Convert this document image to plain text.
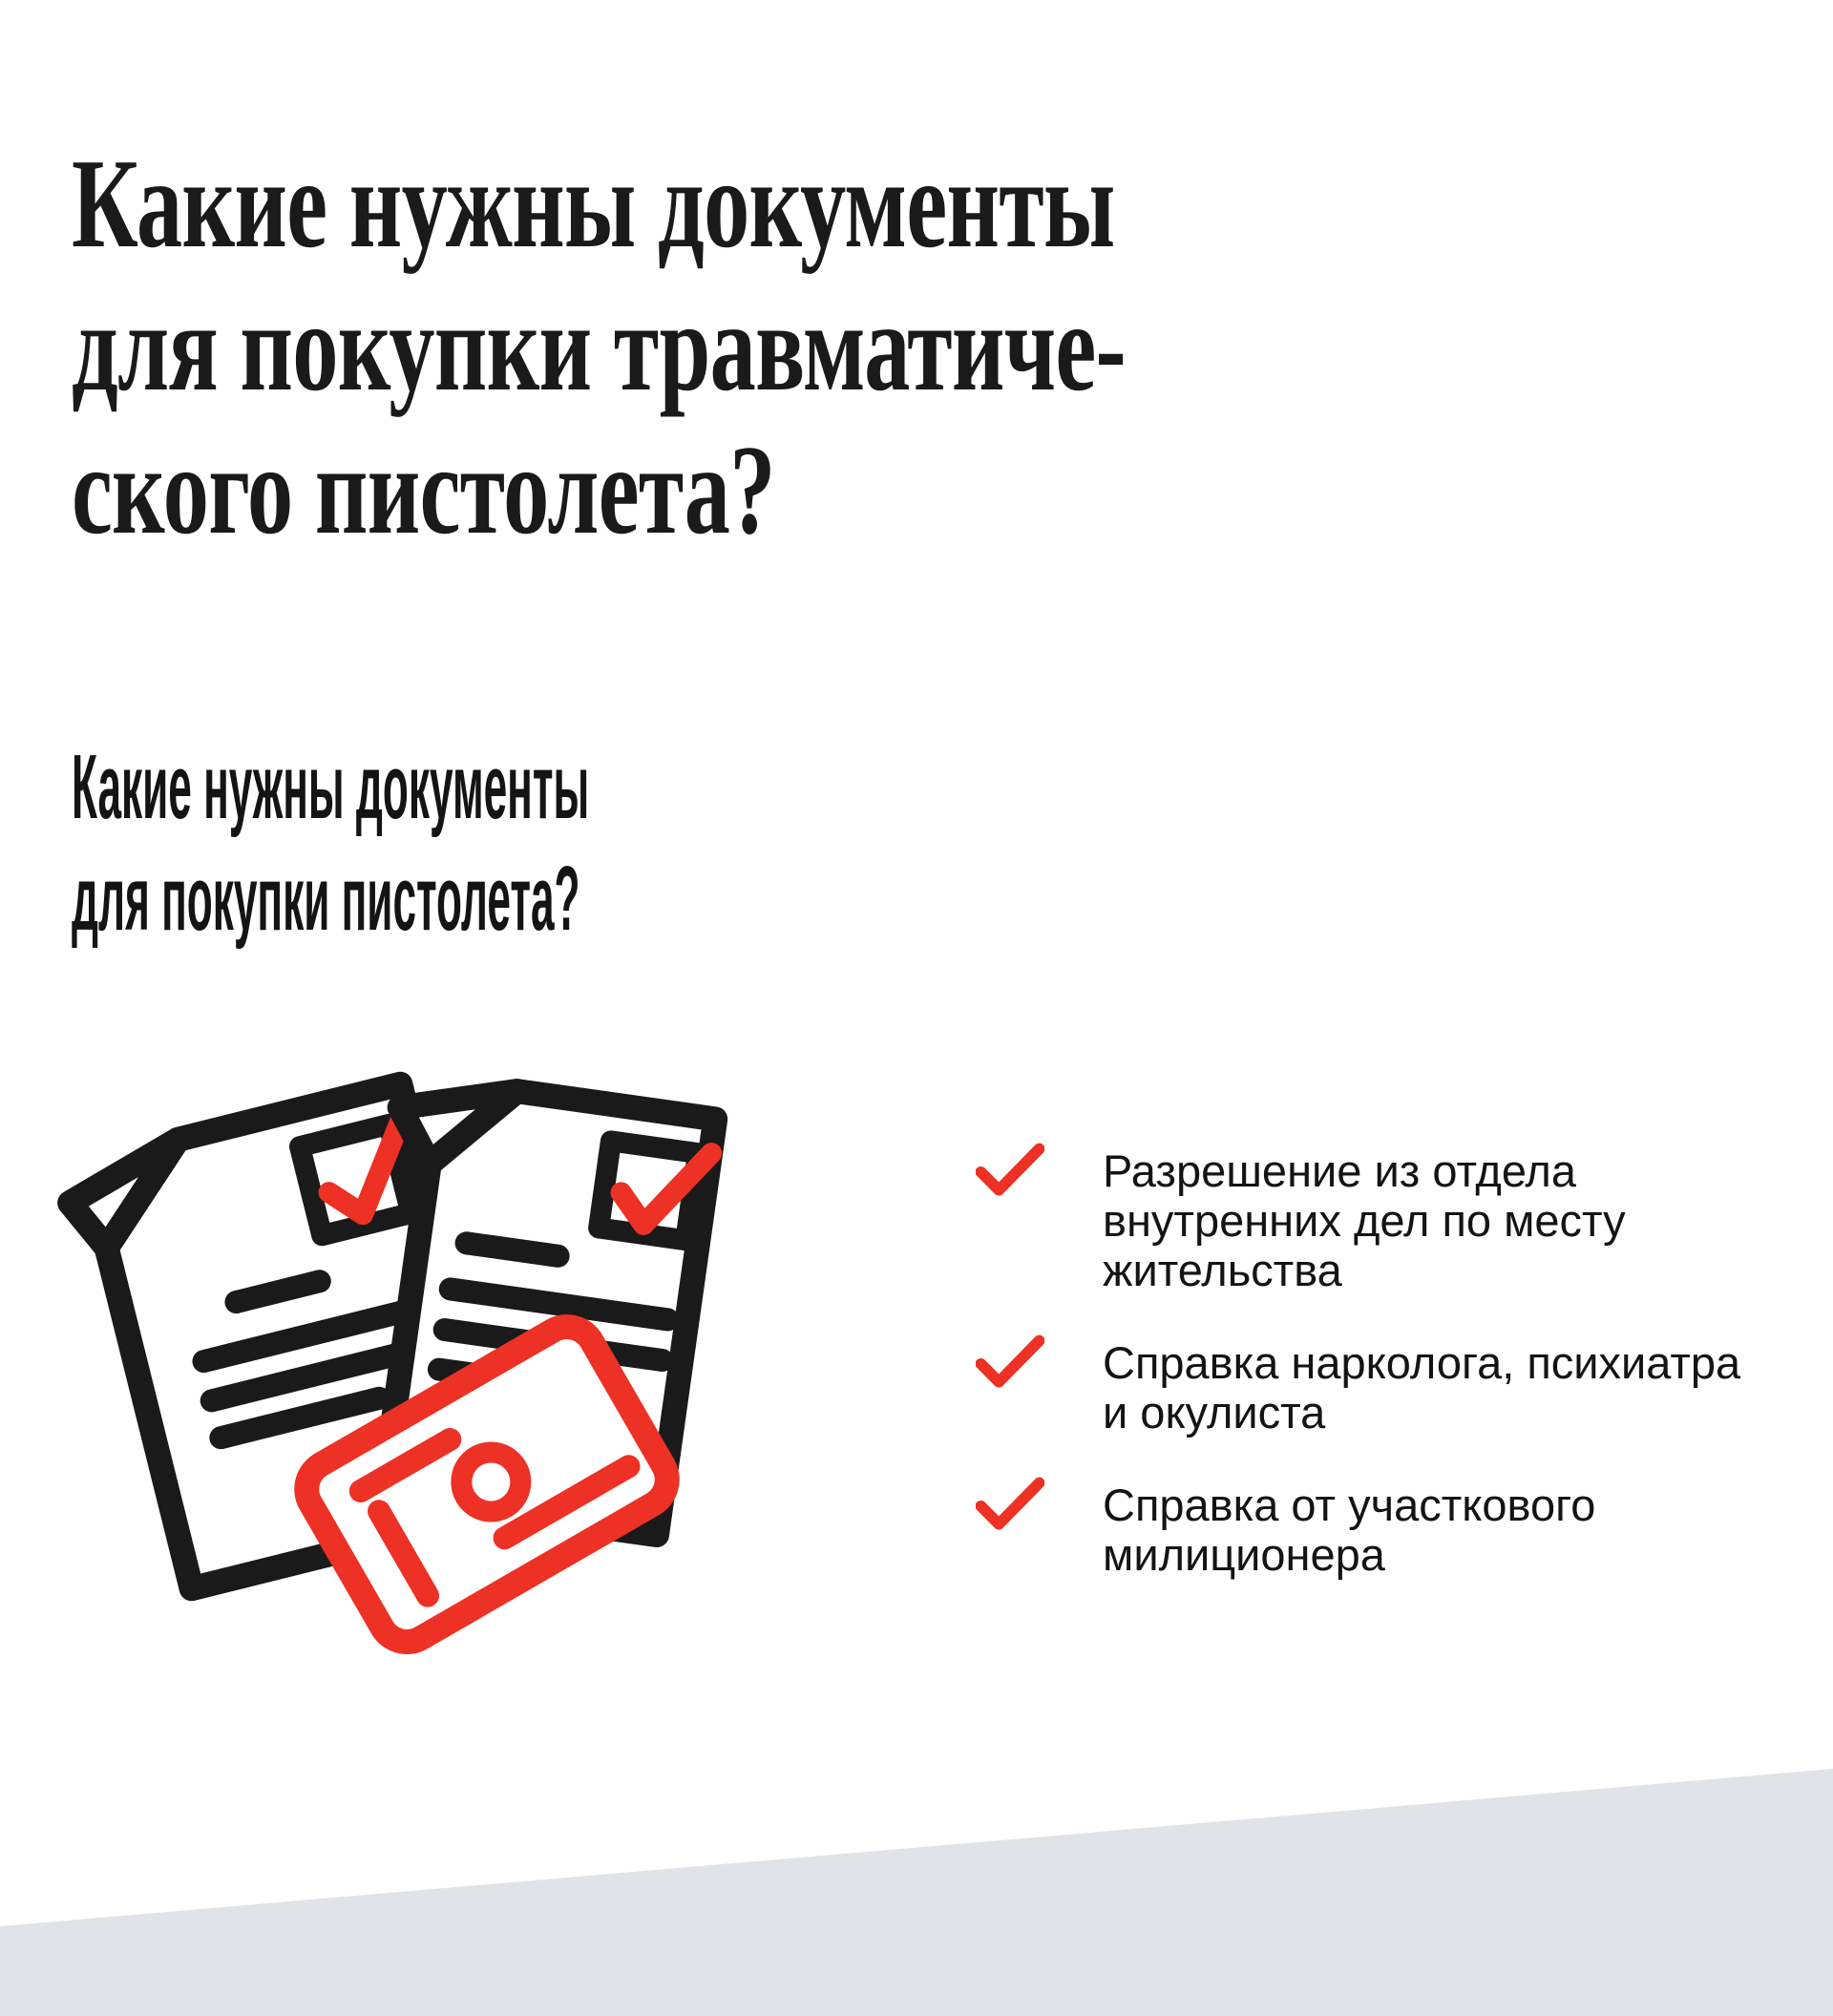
Какие нужны документы
для покупки травматиче-
ского пистолета?
Какие нужны документы
для покупки пистолета?
Разрешение из отдела
внутренних дел по месту
жительства
Справка нарколога, психиатра
и окулиста
Справка от участкового
милиционера
